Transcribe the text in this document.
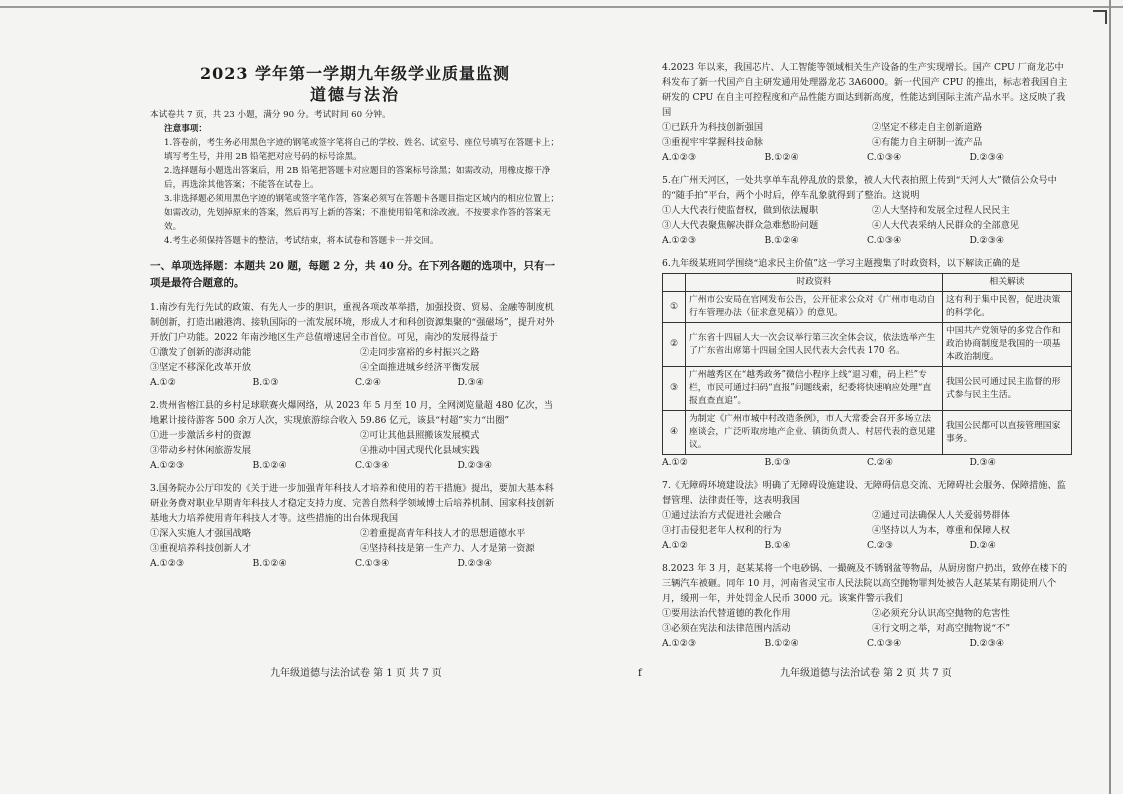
2023 学年第一学期九年级学业质量监测
道德与法治
本试卷共 7 页，共 23 小题，满分 90 分。考试时间 60 分钟。
注意事项：
1.答卷前，考生务必用黑色字迹的钢笔或签字笔将自己的学校、姓名、试室号、座位号填写在答题卡上；填写考生号，并用 2B 铅笔把对应号码的标号涂黑。
2.选择题每小题选出答案后，用 2B 铅笔把答题卡对应题目的答案标号涂黑；如需改动，用橡皮擦干净后，再选涂其他答案；不能答在试卷上。
3.非选择题必须用黑色字迹的钢笔或签字笔作答，答案必须写在答题卡各题目指定区域内的相应位置上；如需改动，先划掉原来的答案，然后再写上新的答案；不准使用铅笔和涂改液。不按要求作答的答案无效。
4.考生必须保持答题卡的整洁，考试结束，将本试卷和答题卡一并交回。
一、单项选择题：本题共 20 题，每题 2 分，共 40 分。在下列各题的选项中，只有一项是最符合题意的。
1.南沙有先行先试的政策、有先人一步的胆识，重视各项改革举措，加强投资、贸易、金融等制度机制创新，打造出融港湾、接轨国际的一流发展环境，形成人才和科创资源集聚的“强磁场”，提升对外开放门户功能。2022 年南沙地区生产总值增速居全市首位。可见，南沙的发展得益于
①激发了创新的澎湃动能	②走同步富裕的乡村振兴之路
③坚定不移深化改革开放	④全面推进城乡经济平衡发展
A.①②	B.①③	C.②④	D.③④
2.贵州省榕江县的乡村足球联赛火爆网络，从 2023 年 5 月至 10 月，全网浏览量超 480 亿次，当地累计接待游客 500 余万人次，实现旅游综合收入 59.86 亿元，该县“村超”实力“出圈”
①进一步激活乡村的资源	②可让其他县照搬该发展模式
③带动乡村休闲旅游发展	④推动中国式现代化县域实践
A.①②③	B.①②④	C.①③④	D.②③④
3.国务院办公厅印发的《关于进一步加强青年科技人才培养和使用的若干措施》提出，要加大基本科研业务费对职业早期青年科技人才稳定支持力度、完善自然科学领域博士后培养机制、国家科技创新基地大力培养使用青年科技人才等。这些措施的出台体现我国
①深入实施人才强国战略	②着重提高青年科技人才的思想道德水平
③重视培养科技创新人才	④坚持科技是第一生产力、人才是第一资源
A.①②③	B.①②④	C.①③④	D.②③④
4.2023 年以来，我国芯片、人工智能等领域相关生产设备的生产实现增长。国产 CPU 厂商龙芯中科发布了新一代国产自主研发通用处理器龙芯 3A6000。新一代国产 CPU 的推出，标志着我国自主研发的 CPU 在自主可控程度和产品性能方面达到新高度，性能达到国际主流产品水平。这反映了我国
①已跃升为科技创新强国	②坚定不移走自主创新道路
③重视牢牢掌握科技命脉	④有能力自主研制一流产品
A.①②③	B.①②④	C.①③④	D.②③④
5.在广州天河区，一处共享单车乱停乱放的景象，被人大代表拍照上传到“天河人大”微信公众号中的“随手拍”平台，两个小时后，停车乱象就得到了整治。这说明
①人大代表行使监督权，做到依法履职	②人大坚持和发展全过程人民民主
③人大代表聚焦解决群众急难愁盼问题	④人大代表采纳人民群众的全部意见
A.①②③	B.①②④	C.①③④	D.②③④
6.九年级某班同学围绕“追求民主价值”这一学习主题搜集了时政资料，以下解读正确的是
	时政资料	相关解读
①	广州市公安局在官网发布公告，公开征求公众对《广州市电动自行车管理办法（征求意见稿）》的意见。	这有利于集中民智，促进决策的科学化。
②	广东省十四届人大一次会议举行第三次全体会议，依法选举产生了广东省出席第十四届全国人民代表大会代表 170 名。	中国共产党领导的多党合作和政治协商制度是我国的一项基本政治制度。
③	广州越秀区在“越秀政务”微信小程序上线“退习难，码上栏”专栏，市民可通过扫码“直报”问题线索，纪委将快速响应处理“直报直查直追”。	我国公民可通过民主监督的形式参与民主生活。
④	为制定《广州市城中村改造条例》，市人大常委会召开多场立法座谈会，广泛听取房地产企业、镇街负责人、村居代表的意见建议。	我国公民都可以直接管理国家事务。
A.①②	B.①③	C.②④	D.③④
7.《无障碍环境建设法》明确了无障碍设施建设、无障碍信息交流、无障碍社会服务、保障措施、监督管理、法律责任等，这表明我国
①通过法治方式促进社会融合	②通过司法确保人人关爱弱势群体
③打击侵犯老年人权利的行为	④坚持以人为本，尊重和保障人权
A.①②	B.①④	C.②③	D.②④
8.2023 年 3 月，赵某某将一个电砂锅、一撮碗及不锈钢盆等物品，从厨房窗户扔出，致停在楼下的三辆汽车被砸。同年 10 月，河南省灵宝市人民法院以高空抛物罪判处被告人赵某某有期徒刑八个月，缓刑一年，并处罚金人民币 3000 元。该案件警示我们
①要用法治代替道德的教化作用	②必须充分认识高空抛物的危害性
③必须在宪法和法律范围内活动	④行文明之举，对高空抛物说“不”
A.①②③	B.①②④	C.①③④	D.②③④
九年级道德与法治试卷 第 1 页 共 7 页	f	九年级道德与法治试卷 第 2 页 共 7 页
